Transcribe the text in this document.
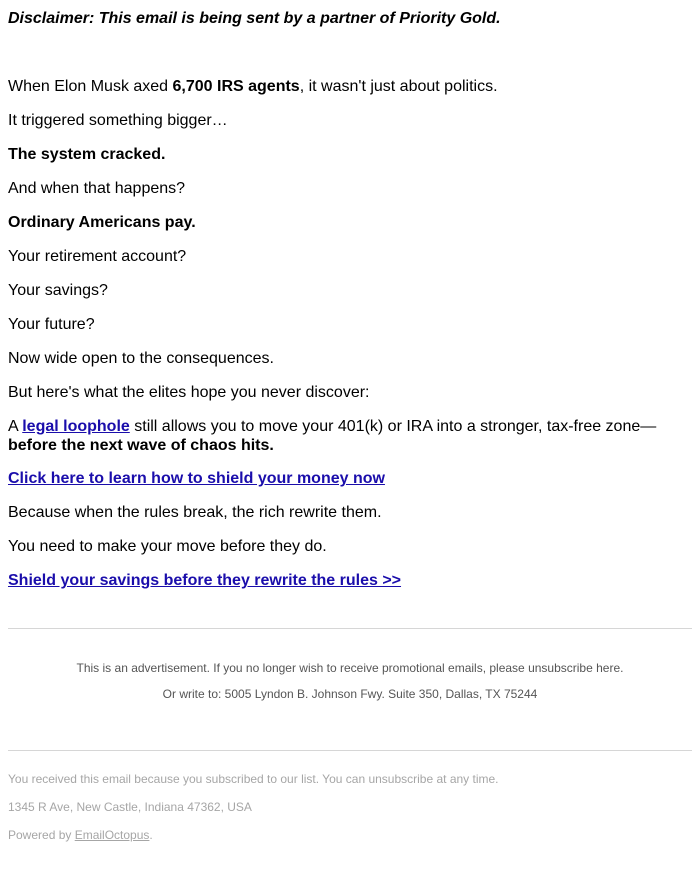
Disclaimer: This email is being sent by a partner of Priority Gold.

When Elon Musk axed 6,700 IRS agents, it wasn't just about politics.

It triggered something bigger…

The system cracked.

And when that happens?

Ordinary Americans pay.

Your retirement account?

Your savings?

Your future?

Now wide open to the consequences.

But here's what the elites hope you never discover:

A legal loophole still allows you to move your 401(k) or IRA into a stronger, tax-free zone—
before the next wave of chaos hits.

Click here to learn how to shield your money now

Because when the rules break, the rich rewrite them.

You need to make your move before they do.

Shield your savings before they rewrite the rules >>

This is an advertisement. If you no longer wish to receive promotional emails, please unsubscribe here.
Or write to: 5005 Lyndon B. Johnson Fwy. Suite 350, Dallas, TX 75244
You received this email because you subscribed to our list. You can unsubscribe at any time.
1345 R Ave, New Castle, Indiana 47362, USA
Powered by EmailOctopus.
